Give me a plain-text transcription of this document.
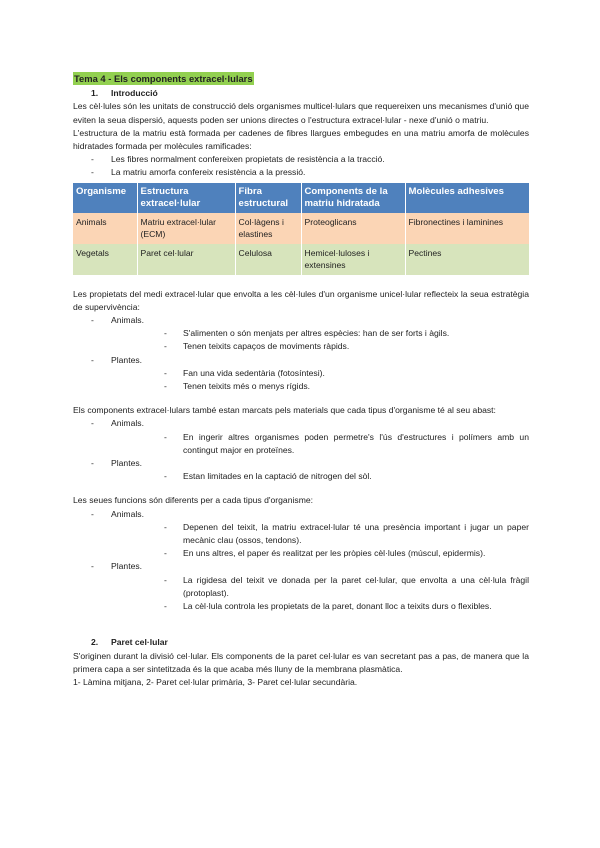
Tema 4 - Els components extracel·lulars
1. Introducció

Les cèl·lules són les unitats de construcció dels organismes multicel·lulars que requereixen uns mecanismes d'unió que eviten la seua dispersió, aquests poden ser unions directes o l'estructura extracel·lular - nexe d'unió o matriu.

L'estructura de la matriu està formada per cadenes de fibres llargues embegudes en una matriu amorfa de molècules hidratades formada per molècules ramificades:

- Les fibres normalment confereixen propietats de resistència a la tracció.
- La matriu amorfa confereix resistència a la pressió.
Organisme	Estructura extracel·lular	Fibra estructural	Components de la matriu hidratada	Molècules adhesives
Animals	Matriu extracel·lular (ECM)	Col·làgens i elastines	Proteoglicans	Fibronectines i laminines
Vegetals	Paret cel·lular	Celulosa	Hemicel·luloses i extensines	Pectines

Les propietats del medi extracel·lular que envolta a les cèl·lules d'un organisme unicel·lular reflecteix la seua estratègia de supervivència:

- Animals.
- S'alimenten o són menjats per altres espècies: han de ser forts i àgils.
- Tenen teixits capaços de moviments ràpids.
- Plantes.
- Fan una vida sedentària (fotosíntesi).
- Tenen teixits més o menys rígids.

Els components extracel·lulars també estan marcats pels materials que cada tipus d'organisme té al seu abast:

- Animals.
- En ingerir altres organismes poden permetre's l'ús d'estructures i polímers amb un contingut major en proteïnes.
- Plantes.
- Estan limitades en la captació de nitrogen del sòl.

Les seues funcions són diferents per a cada tipus d'organisme:

- Animals.
- Depenen del teixit, la matriu extracel·lular té una presència important i jugar un paper mecànic clau (ossos, tendons).
- En uns altres, el paper és realitzat per les pròpies cèl·lules (múscul, epidermis).
- Plantes.
- La rigidesa del teixit ve donada per la paret cel·lular, que envolta a una cèl·lula fràgil (protoplast).
- La cèl·lula controla les propietats de la paret, donant lloc a teixits durs o flexibles.
2. Paret cel·lular

S'originen durant la divisió cel·lular. Els components de la paret cel·lular es van secretant pas a pas, de manera que la primera capa a ser sintetitzada és la que acaba més lluny de la membrana plasmàtica.

1- Làmina mitjana, 2- Paret cel·lular primària, 3- Paret cel·lular secundària.
